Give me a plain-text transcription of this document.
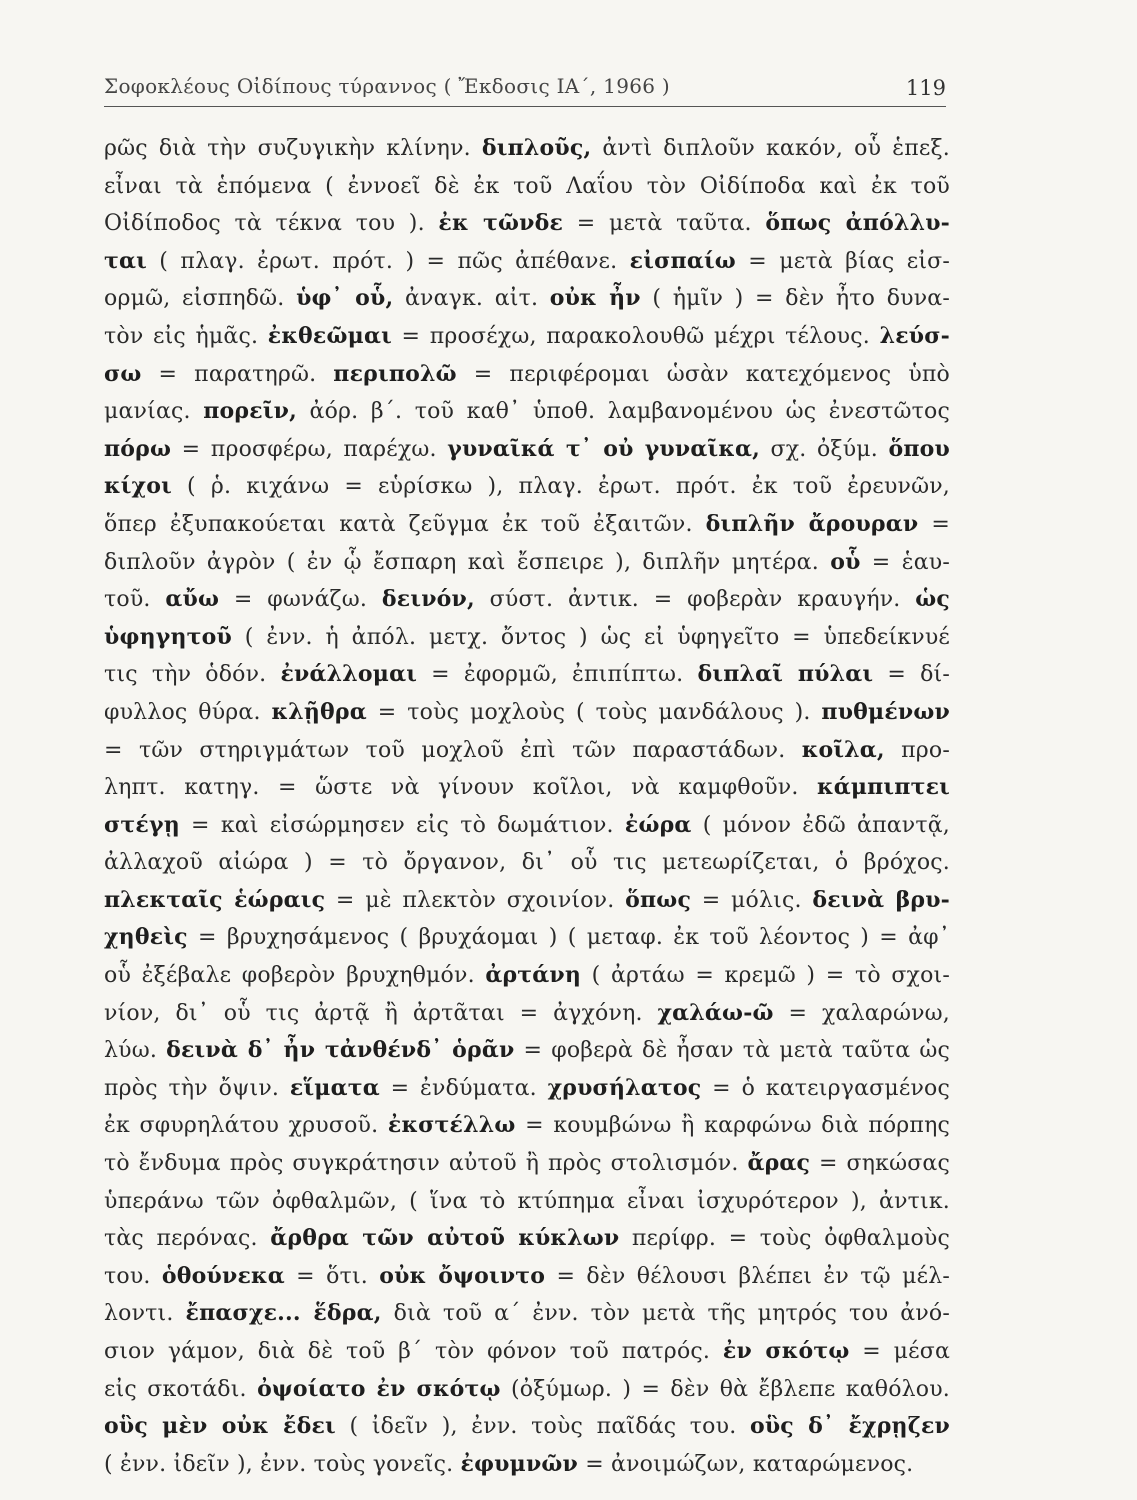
Σοφοκλέους Οἰδίπους τύραννος ( Ἔκδοσις ΙΑ΄, 1966 )	119
ρῶς διὰ τὴν συζυγικὴν κλίνην. διπλοῦς, ἀντὶ διπλοῦν κακόν, οὗ ἑπεξ.
εἶναι τὰ ἑπόμενα ( ἐννοεῖ δὲ ἐκ τοῦ Λαΐου τὸν Οἰδίποδα καὶ ἐκ τοῦ
Οἰδίποδος τὰ τέκνα του ). ἐκ τῶνδε = μετὰ ταῦτα. ὅπως ἀπόλλυ-
ται ( πλαγ. ἐρωτ. πρότ. ) = πῶς ἀπέθανε. εἰσπαίω = μετὰ βίας εἰσ-
ορμῶ, εἰσπηδῶ. ὑφ᾽ οὗ, ἀναγκ. αἰτ. οὐκ ἦν ( ἡμῖν ) = δὲν ἦτο δυνα-
τὸν εἰς ἡμᾶς. ἐκθεῶμαι = προσέχω, παρακολουθῶ μέχρι τέλους. λεύσ-
σω = παρατηρῶ. περιπολῶ = περιφέρομαι ὡσὰν κατεχόμενος ὑπὸ
μανίας. πορεῖν, ἀόρ. β΄. τοῦ καθ᾽ ὑποθ. λαμβανομένου ὡς ἐνεστῶτος
πόρω = προσφέρω, παρέχω. γυναῖκά τ᾽ οὐ γυναῖκα, σχ. ὀξύμ. ὅπου
κίχοι ( ῥ. κιχάνω = εὑρίσκω ), πλαγ. ἐρωτ. πρότ. ἐκ τοῦ ἐρευνῶν,
ὅπερ ἐξυπακούεται κατὰ ζεῦγμα ἐκ τοῦ ἐξαιτῶν. διπλῆν ἄρουραν =
διπλοῦν ἀγρὸν ( ἐν ᾧ ἔσπαρη καὶ ἔσπειρε ), διπλῆν μητέρα. οὗ = ἑαυ-
τοῦ. αὔω = φωνάζω. δεινόν, σύστ. ἀντικ. = φοβερὰν κραυγήν. ὡς
ὑφηγητοῦ ( ἐνν. ἡ ἀπόλ. μετχ. ὄντος ) ὡς εἰ ὑφηγεῖτο = ὑπεδείκνυέ
τις τὴν ὁδόν. ἐνάλλομαι = ἐφορμῶ, ἐπιπίπτω. διπλαῖ πύλαι = δί-
φυλλος θύρα. κλῇθρα = τοὺς μοχλοὺς ( τοὺς μανδάλους ). πυθμένων
= τῶν στηριγμάτων τοῦ μοχλοῦ ἐπὶ τῶν παραστάδων. κοῖλα, προ-
ληπτ. κατηγ. = ὥστε νὰ γίνουν κοῖλοι, νὰ καμφθοῦν. κάμπιπτει
στέγῃ = καὶ εἰσώρμησεν εἰς τὸ δωμάτιον. ἐώρα ( μόνον ἐδῶ ἀπαντᾷ,
ἀλλαχοῦ αἰώρα ) = τὸ ὄργανον, δι᾽ οὗ τις μετεωρίζεται, ὁ βρόχος.
πλεκταῖς ἑώραις = μὲ πλεκτὸν σχοινίον. ὅπως = μόλις. δεινὰ βρυ-
χηθεὶς = βρυχησάμενος ( βρυχάομαι ) ( μεταφ. ἐκ τοῦ λέοντος ) = ἀφ᾽
οὗ ἐξέβαλε φοβερὸν βρυχηθμόν. ἀρτάνη ( ἀρτάω = κρεμῶ ) = τὸ σχοι-
νίον, δι᾽ οὗ τις ἀρτᾷ ἢ ἀρτᾶται = ἀγχόνη. χαλάω-ῶ = χαλαρώνω,
λύω. δεινὰ δ᾽ ἦν τἀνθένδ᾽ ὁρᾶν = φοβερὰ δὲ ἦσαν τὰ μετὰ ταῦτα ὡς
πρὸς τὴν ὄψιν. εἵματα = ἐνδύματα. χρυσήλατος = ὁ κατειργασμένος
ἐκ σφυρηλάτου χρυσοῦ. ἐκστέλλω = κουμβώνω ἢ καρφώνω διὰ πόρπης
τὸ ἔνδυμα πρὸς συγκράτησιν αὐτοῦ ἢ πρὸς στολισμόν. ἄρας = σηκώσας
ὑπεράνω τῶν ὀφθαλμῶν, ( ἵνα τὸ κτύπημα εἶναι ἰσχυρότερον ), ἀντικ.
τὰς περόνας. ἄρθρα τῶν αὐτοῦ κύκλων περίφρ. = τοὺς ὀφθαλμοὺς
του. ὁθούνεκα = ὅτι. οὐκ ὄψοιντο = δὲν θέλουσι βλέπει ἐν τῷ μέλ-
λοντι. ἔπασχε... ἕδρα, διὰ τοῦ α΄ ἐνν. τὸν μετὰ τῆς μητρός του ἀνό-
σιον γάμον, διὰ δὲ τοῦ β΄ τὸν φόνον τοῦ πατρός. ἐν σκότῳ = μέσα
εἰς σκοτάδι. ὀψοίατο ἐν σκότῳ (ὀξύμωρ. ) = δὲν θὰ ἔβλεπε καθόλου.
οὓς μὲν οὐκ ἔδει ( ἰδεῖν ), ἐνν. τοὺς παῖδάς του. οὓς δ᾽ ἔχρῃζεν
( ἐνν. ἰδεῖν ), ἐνν. τοὺς γονεῖς. ἐφυμνῶν = ἀνοιμώζων, καταρώμενος.
